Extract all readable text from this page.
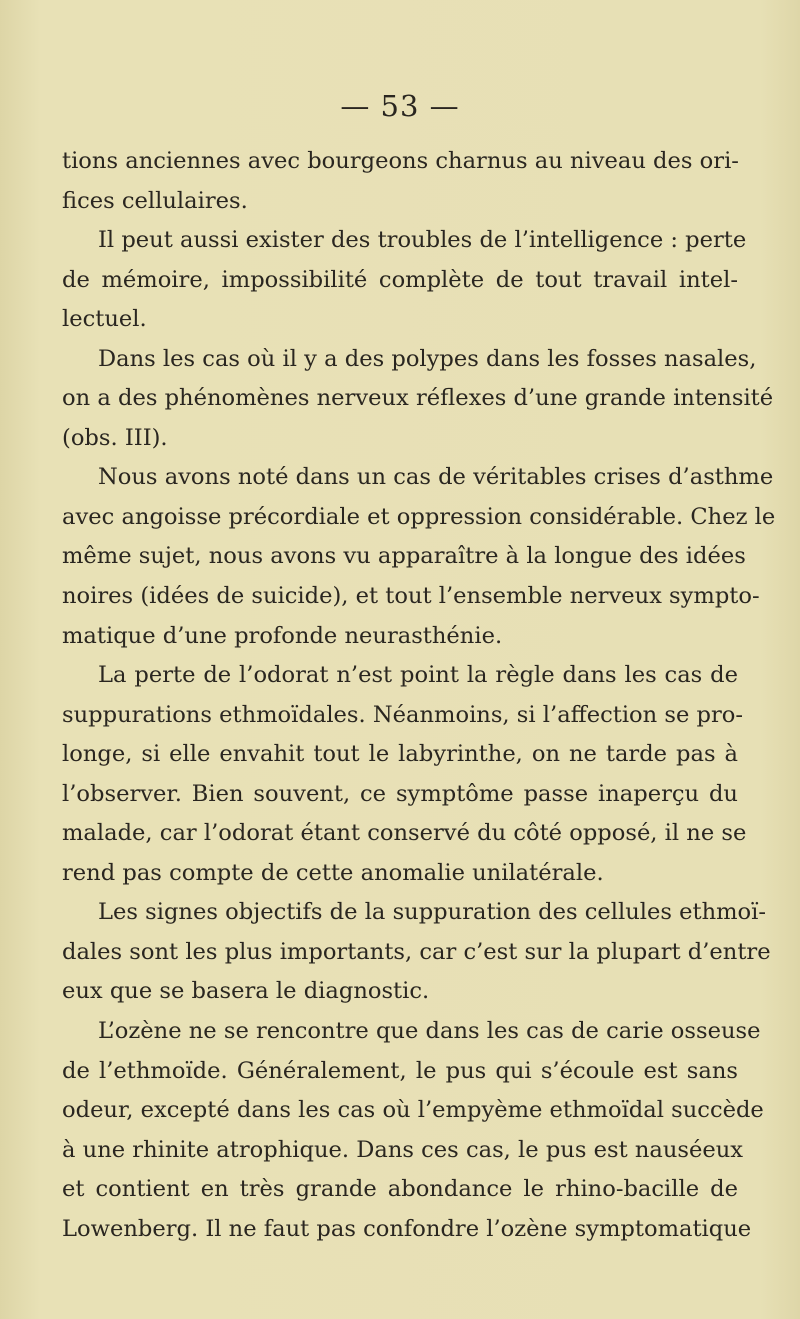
— 53 —
tions anciennes avec bourgeons charnus au niveau des ori-
fices cellulaires.
Il peut aussi exister des troubles de l’intelligence : perte
de mémoire, impossibilité complète de tout travail intel-
lectuel.
Dans les cas où il y a des polypes dans les fosses nasales,
on a des phénomènes nerveux réflexes d’une grande intensité
(obs. III).
Nous avons noté dans un cas de véritables crises d’asthme
avec angoisse précordiale et oppression considérable. Chez le
même sujet, nous avons vu apparaître à la longue des idées
noires (idées de suicide), et tout l’ensemble nerveux sympto-
matique d’une profonde neurasthénie.
La perte de l’odorat n’est point la règle dans les cas de
suppurations ethmoïdales. Néanmoins, si l’affection se pro-
longe, si elle envahit tout le labyrinthe, on ne tarde pas à
l’observer. Bien souvent, ce symptôme passe inaperçu du
malade, car l’odorat étant conservé du côté opposé, il ne se
rend pas compte de cette anomalie unilatérale.
Les signes objectifs de la suppuration des cellules ethmoï-
dales sont les plus importants, car c’est sur la plupart d’entre
eux que se basera le diagnostic.
L’ozène ne se rencontre que dans les cas de carie osseuse
de l’ethmoïde. Généralement, le pus qui s’écoule est sans
odeur, excepté dans les cas où l’empyème ethmoïdal succède
à une rhinite atrophique. Dans ces cas, le pus est nauséeux
et contient en très grande abondance le rhino-bacille de
Lowenberg. Il ne faut pas confondre l’ozène symptomatique
